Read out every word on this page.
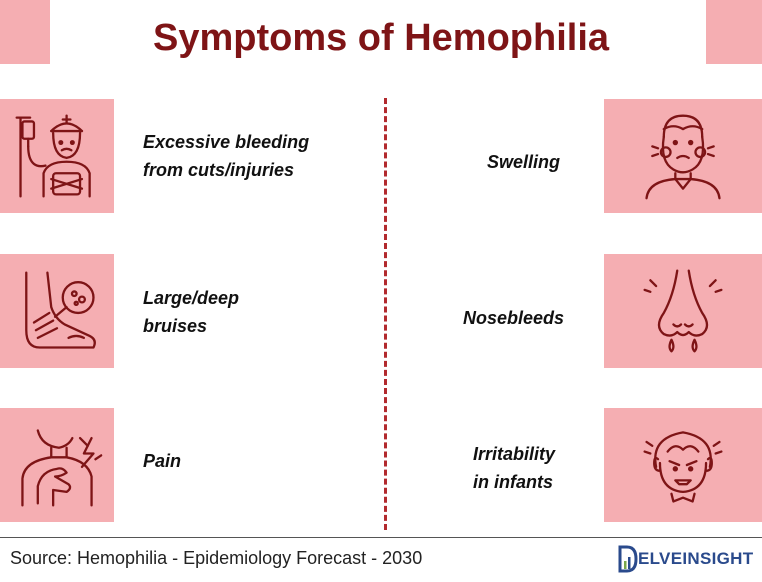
Symptoms of Hemophilia
Excessive bleeding
from cuts/injuries
Large/deep
bruises
Pain
Swelling
Nosebleeds
Irritability
in infants
Source: Hemophilia - Epidemiology Forecast - 2030	ELVEINSIGHT
